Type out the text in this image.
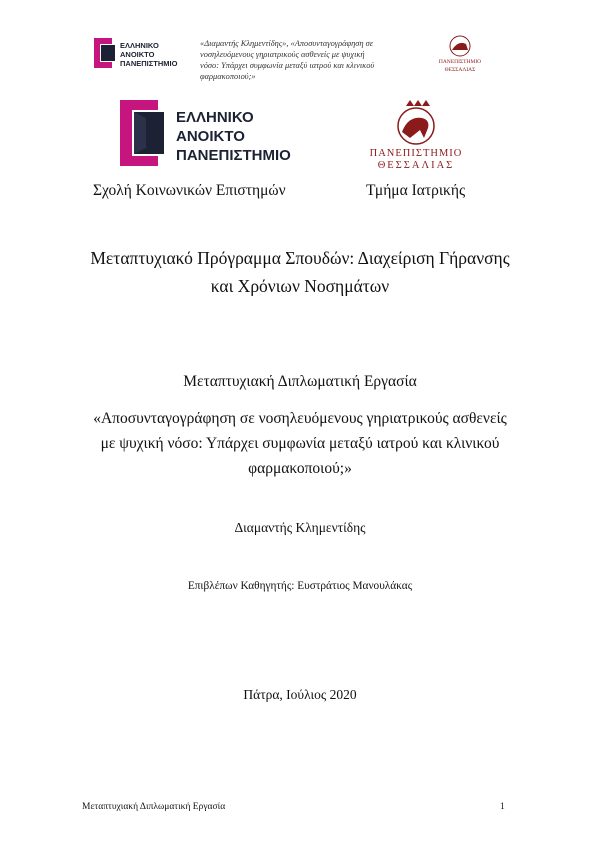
ΕΛΛΗΝΙΚΟ
ΑΝΟΙΚΤΟ
ΠΑΝΕΠΙΣΤΗΜΙΟ
«Διαμαντής Κλημεντίδης», «Αποσυνταγογράφηση σε
νοσηλευόμενους γηριατρικούς ασθενείς με ψυχική
νόσο: Υπάρχει συμφωνία μεταξύ ιατρού και κλινικού
φαρμακοποιού;»
ΠΑΝΕΠΙΣΤΗΜΙΟ
ΘΕΣΣΑΛΙΑΣ
ΕΛΛΗΝΙΚΟ
ΑΝΟΙΚΤΟ
ΠΑΝΕΠΙΣΤΗΜΙΟ	ΠΑΝΕΠΙΣΤΗΜΙΟ
ΘΕΣΣΑΛΙΑΣ
Σχολή Κοινωνικών Επιστημών	Τμήμα Ιατρικής
Μεταπτυχιακό Πρόγραμμα Σπουδών: Διαχείριση Γήρανσης
και Χρόνιων Νοσημάτων
Μεταπτυχιακή Διπλωματική Εργασία
«Αποσυνταγογράφηση σε νοσηλευόμενους γηριατρικούς ασθενείς
με ψυχική νόσο: Υπάρχει συμφωνία μεταξύ ιατρού και κλινικού
φαρμακοποιού;»
Διαμαντής Κλημεντίδης
Επιβλέπων Καθηγητής: Ευστράτιος Μανουλάκας
Πάτρα, Ιούλιος 2020
Μεταπτυχιακή Διπλωματική Εργασία	1
